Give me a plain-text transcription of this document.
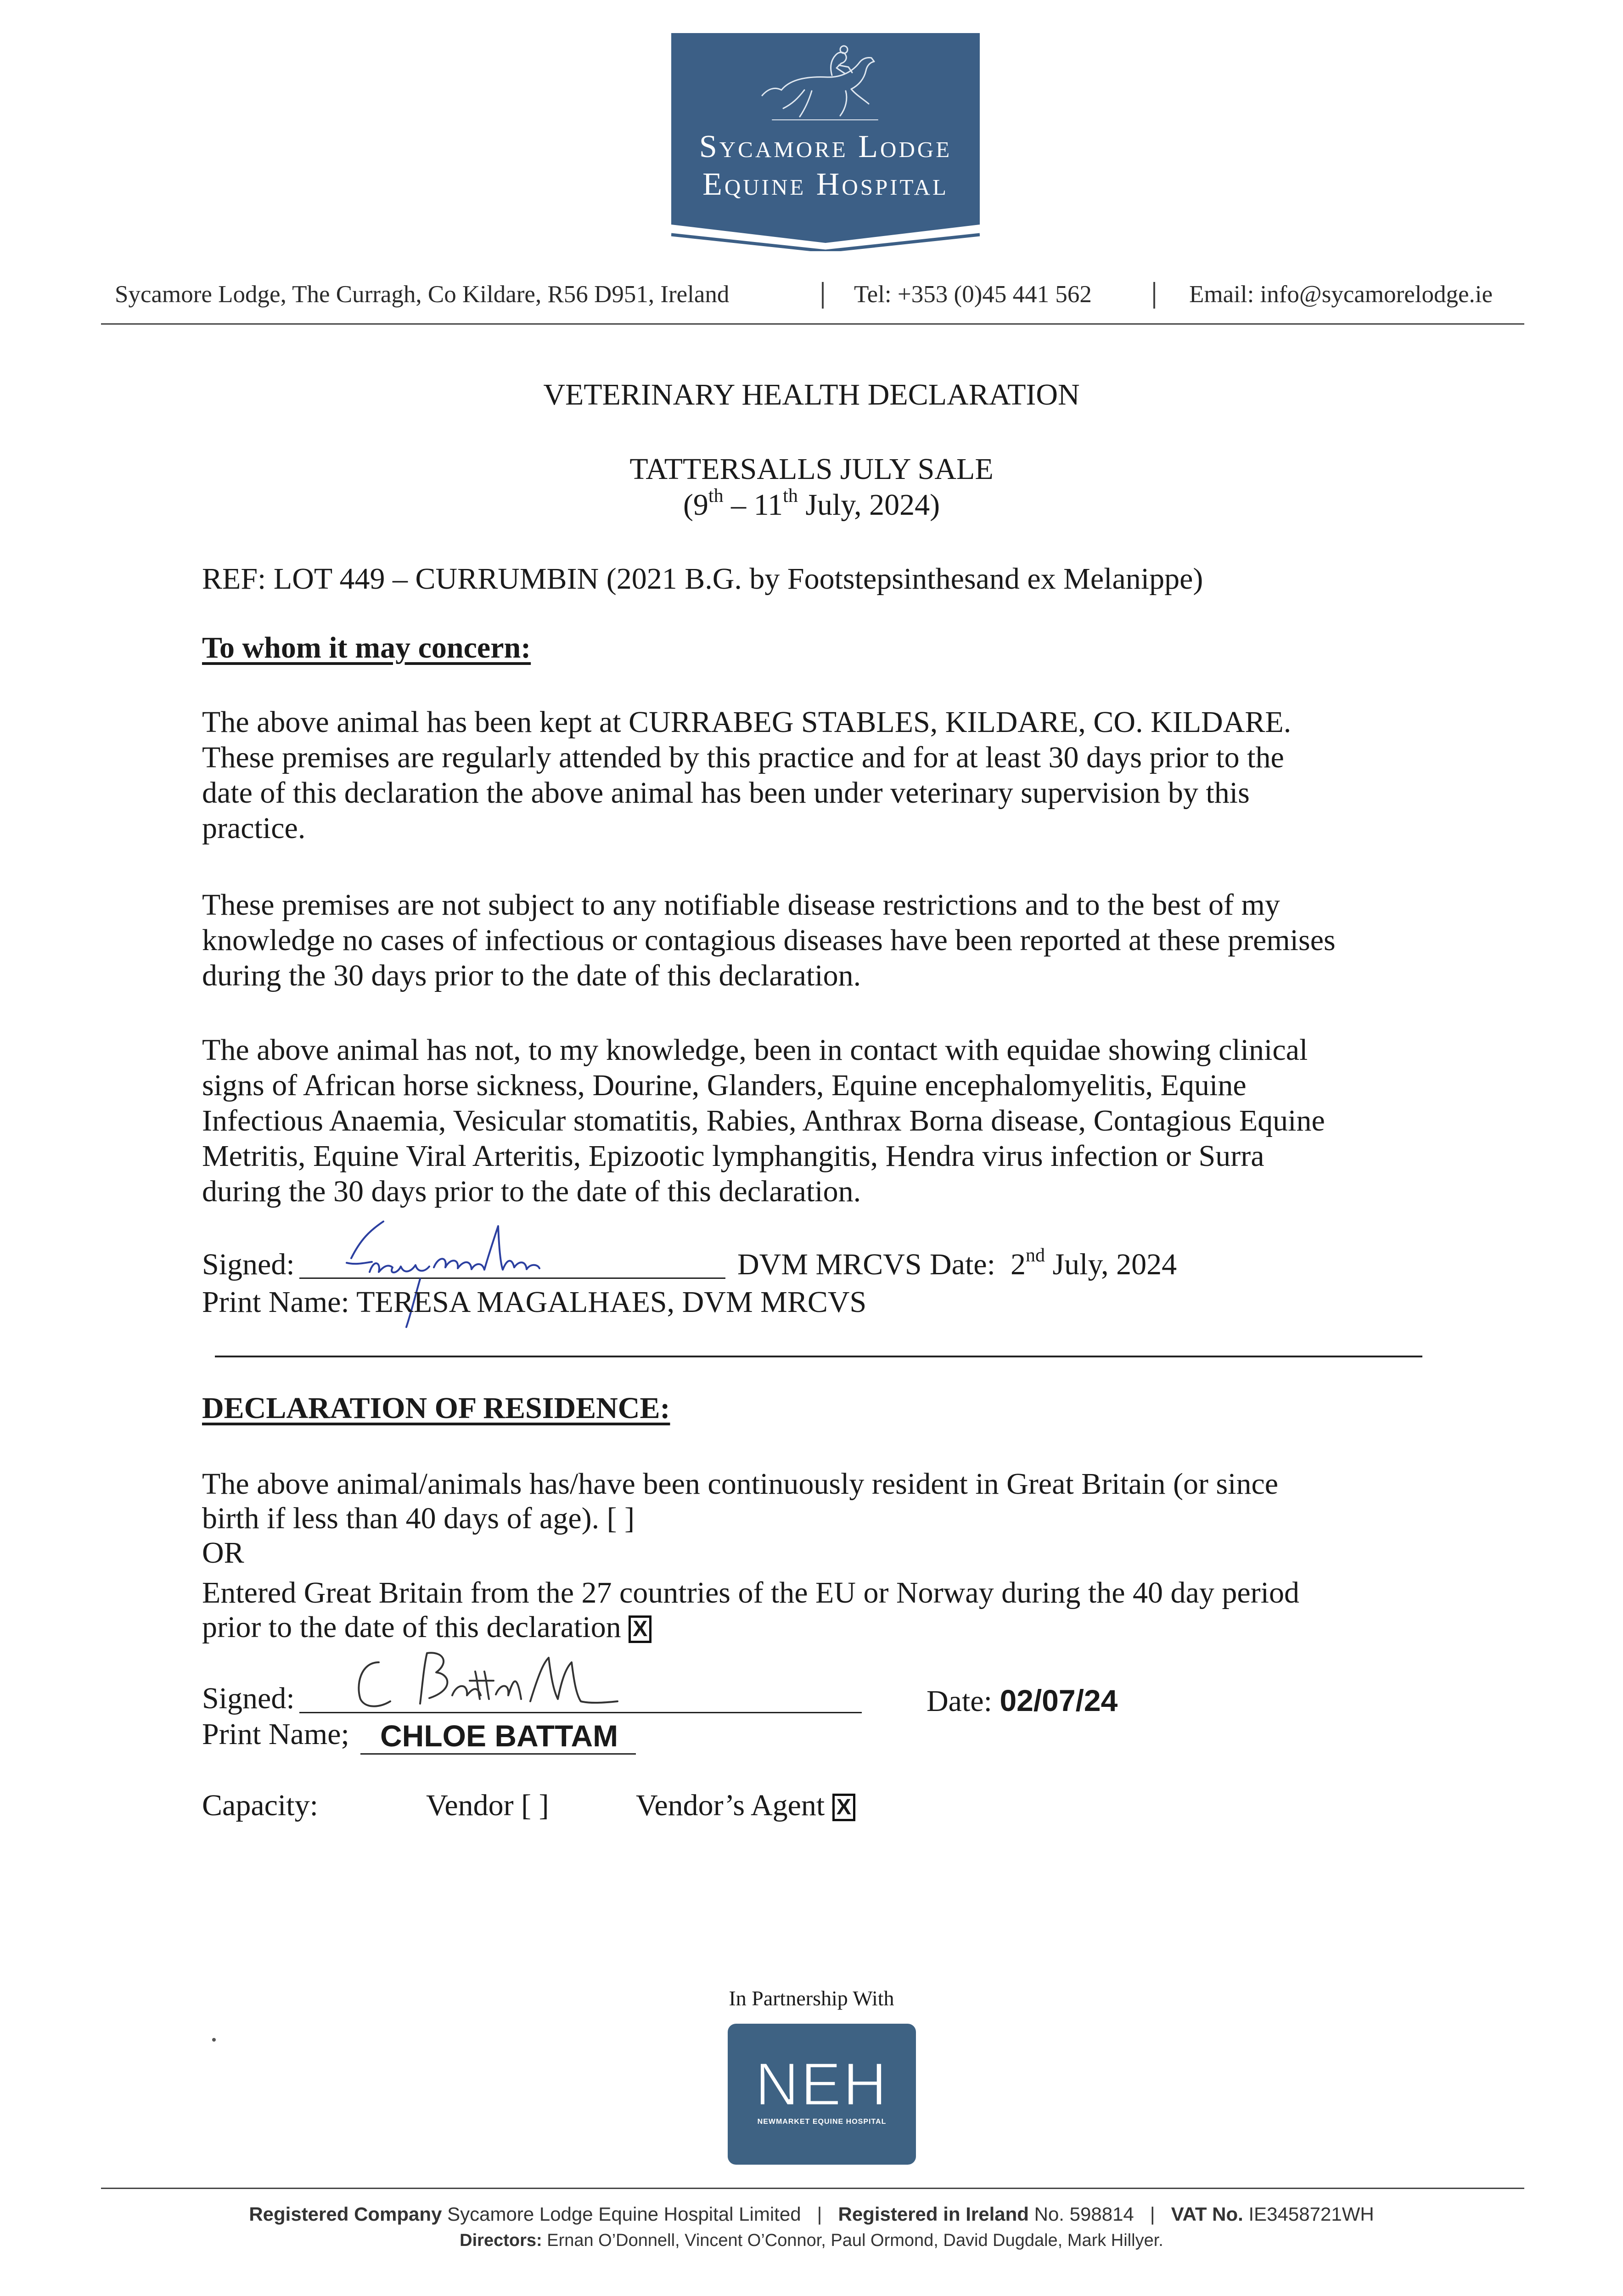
Sycamore Lodge
Equine Hospital
Sycamore Lodge, The Curragh, Co Kildare, R56 D951, Ireland	Tel: +353 (0)45 441 562	Email: info@sycamorelodge.ie
VETERINARY HEALTH DECLARATION
TATTERSALLS JULY SALE
(9th – 11th July, 2024)
REF: LOT 449 – CURRUMBIN (2021 B.G. by Footstepsinthesand ex Melanippe)
To whom it may concern:
The above animal has been kept at CURRABEG STABLES, KILDARE, CO. KILDARE.
These premises are regularly attended by this practice and for at least 30 days prior to the
date of this declaration the above animal has been under veterinary supervision by this
practice.
These premises are not subject to any notifiable disease restrictions and to the best of my
knowledge no cases of infectious or contagious diseases have been reported at these premises
during the 30 days prior to the date of this declaration.
The above animal has not, to my knowledge, been in contact with equidae showing clinical
signs of African horse sickness, Dourine, Glanders, Equine encephalomyelitis, Equine
Infectious Anaemia, Vesicular stomatitis, Rabies, Anthrax Borna disease, Contagious Equine
Metritis, Equine Viral Arteritis, Epizootic lymphangitis, Hendra virus infection or Surra
during the 30 days prior to the date of this declaration.
Signed:	DVM MRCVS Date: 2nd July, 2024
Print Name: TERESA MAGALHAES, DVM MRCVS
DECLARATION OF RESIDENCE:
The above animal/animals has/have been continuously resident in Great Britain (or since
birth if less than 40 days of age). [ ]
OR
Entered Great Britain from the 27 countries of the EU or Norway during the 40 day period
prior to the date of this declaration X
Signed:	Date: 02/07/24
Print Name; CHLOE BATTAM
Capacity:	Vendor [ ]	Vendor’s Agent X
In Partnership With
NEH
NEWMARKET EQUINE HOSPITAL
Registered Company Sycamore Lodge Equine Hospital Limited   |   Registered in Ireland No. 598814   |   VAT No. IE3458721WH
Directors: Ernan O’Donnell, Vincent O’Connor, Paul Ormond, David Dugdale, Mark Hillyer.
